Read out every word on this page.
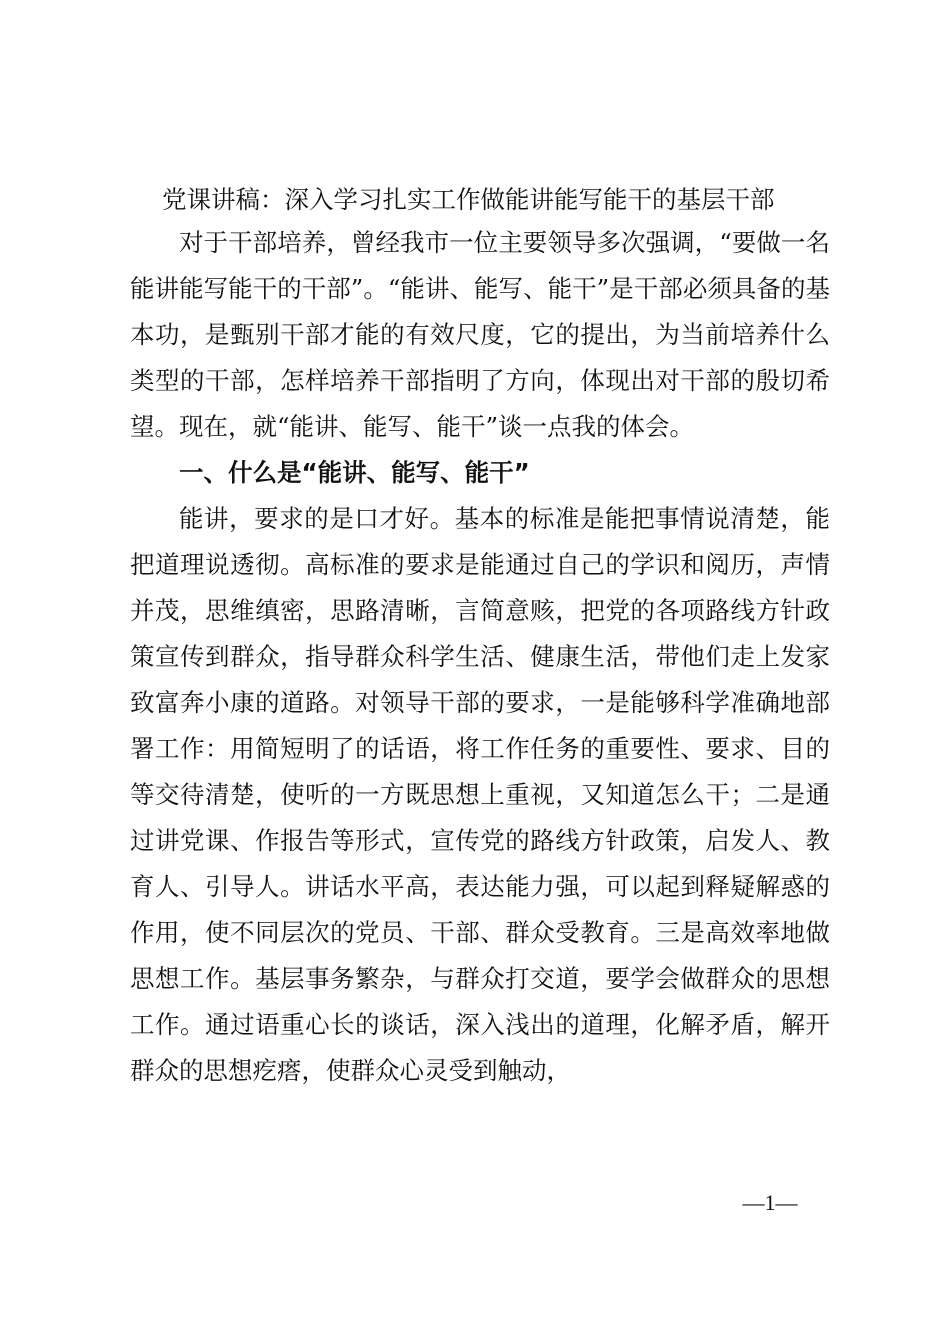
党课讲稿：深入学习扎实工作做能讲能写能干的基层干部

对于干部培养，曾经我市一位主要领导多次强调，“要做一名能讲能写能干的干部”。“能讲、能写、能干”是干部必须具备的基本功，是甄别干部才能的有效尺度，它的提出，为当前培养什么类型的干部，怎样培养干部指明了方向，体现出对干部的殷切希望。现在，就“能讲、能写、能干”谈一点我的体会。

一、什么是“能讲、能写、能干”

能讲，要求的是口才好。基本的标准是能把事情说清楚，能把道理说透彻。高标准的要求是能通过自己的学识和阅历，声情并茂，思维缜密，思路清晰，言简意赅，把党的各项路线方针政策宣传到群众，指导群众科学生活、健康生活，带他们走上发家致富奔小康的道路。对领导干部的要求，一是能够科学准确地部署工作：用简短明了的话语，将工作任务的重要性、要求、目的等交待清楚，使听的一方既思想上重视，又知道怎么干；二是通过讲党课、作报告等形式，宣传党的路线方针政策，启发人、教育人、引导人。讲话水平高，表达能力强，可以起到释疑解惑的作用，使不同层次的党员、干部、群众受教育。三是高效率地做思想工作。基层事务繁杂，与群众打交道，要学会做群众的思想工作。通过语重心长的谈话，深入浅出的道理，化解矛盾，解开群众的思想疙瘩，使群众心灵受到触动，

—1—
